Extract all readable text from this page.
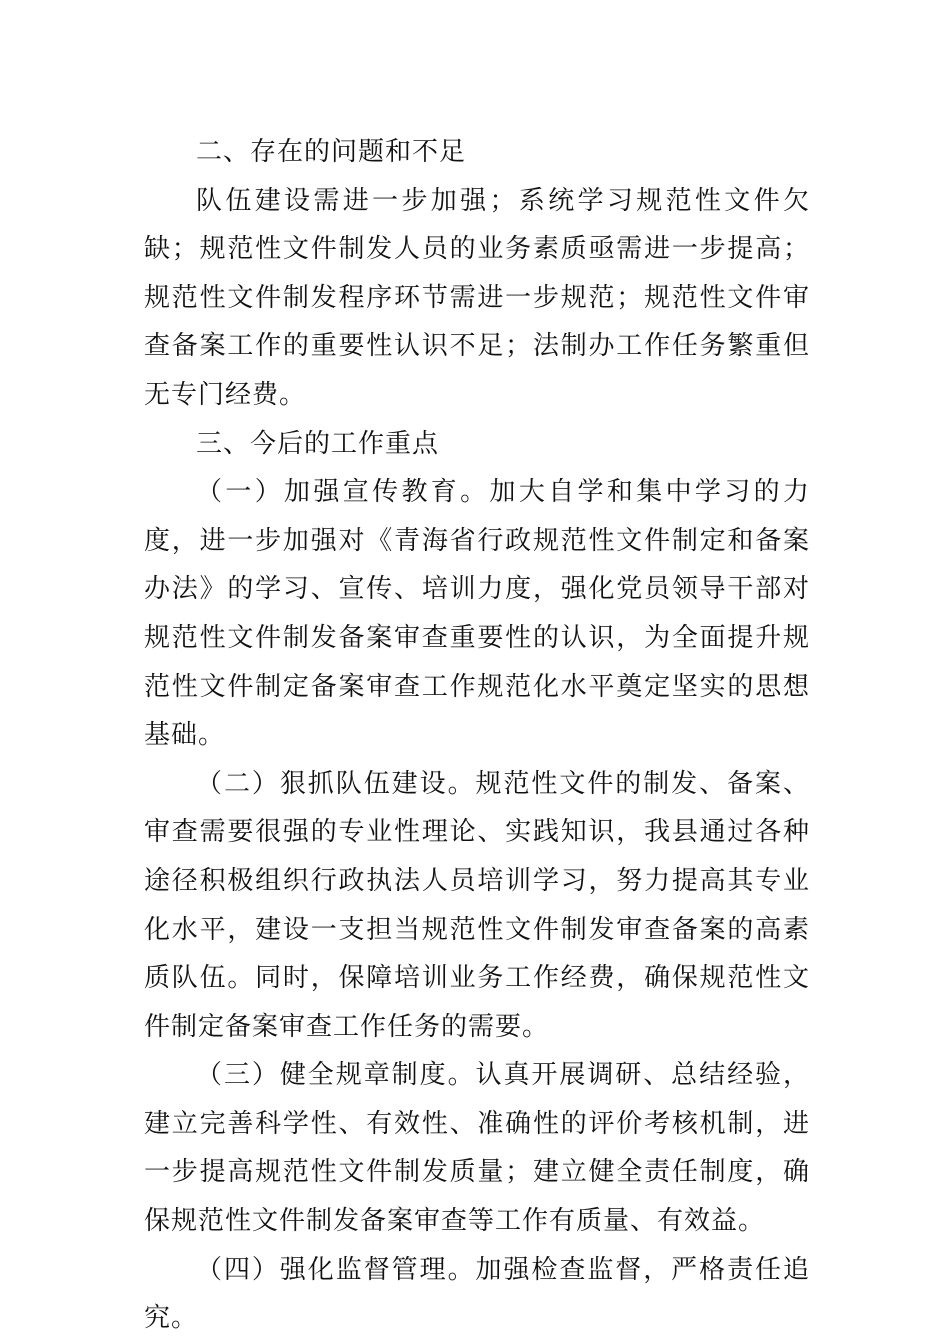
二、存在的问题和不足

队伍建设需进一步加强；系统学习规范性文件欠缺；规范性文件制发人员的业务素质亟需进一步提高；规范性文件制发程序环节需进一步规范；规范性文件审查备案工作的重要性认识不足；法制办工作任务繁重但无专门经费。

三、今后的工作重点

（一）加强宣传教育。加大自学和集中学习的力度，进一步加强对《青海省行政规范性文件制定和备案办法》的学习、宣传、培训力度，强化党员领导干部对规范性文件制发备案审查重要性的认识，为全面提升规范性文件制定备案审查工作规范化水平奠定坚实的思想基础。

（二）狠抓队伍建设。规范性文件的制发、备案、审查需要很强的专业性理论、实践知识，我县通过各种途径积极组织行政执法人员培训学习，努力提高其专业化水平，建设一支担当规范性文件制发审查备案的高素质队伍。同时，保障培训业务工作经费，确保规范性文件制定备案审查工作任务的需要。

（三）健全规章制度。认真开展调研、总结经验，建立完善科学性、有效性、准确性的评价考核机制，进一步提高规范性文件制发质量；建立健全责任制度，确保规范性文件制发备案审查等工作有质量、有效益。

（四）强化监督管理。加强检查监督，严格责任追究。
